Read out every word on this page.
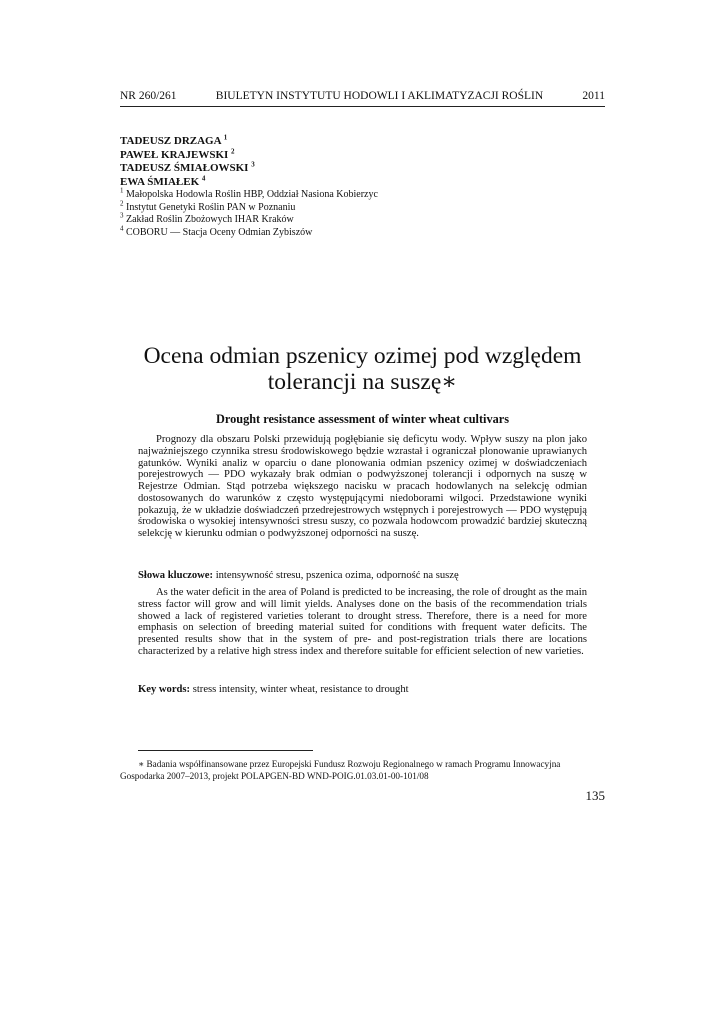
NR 260/261	BIULETYN INSTYTUTU HODOWLI I AKLIMATYZACJI ROŚLIN	2011
TADEUSZ DRZAGA $^1$
PAWEŁ KRAJEWSKI $^2$
TADEUSZ ŚMIAŁOWSKI $^3$
EWA ŚMIAŁEK $^4$
$^1$ Małopolska Hodowla Roślin HBP, Oddział Nasiona Kobierzyc
$^2$ Instytut Genetyki Roślin PAN w Poznaniu
$^3$ Zakład Roślin Zbożowych IHAR Kraków
$^4$ COBORU — Stacja Oceny Odmian Zybiszów
Ocena odmian pszenicy ozimej pod względem
tolerancji na suszę∗
Drought resistance assessment of winter wheat cultivars
Prognozy dla obszaru Polski przewidują pogłębianie się deficytu wody. Wpływ suszy na plon jako najważniejszego czynnika stresu środowiskowego będzie wzrastał i ograniczał plonowanie uprawianych gatunków. Wyniki analiz w oparciu o dane plonowania odmian pszenicy ozimej w doświadczeniach porejestrowych — PDO wykazały brak odmian o podwyższonej tolerancji i odpornych na suszę w Rejestrze Odmian. Stąd potrzeba większego nacisku w pracach hodowlanych na selekcję odmian dostosowanych do warunków z często występującymi niedoborami wilgoci. Przedstawione wyniki pokazują, że w układzie doświadczeń przedrejestrowych wstępnych i porejestrowych — PDO występują środowiska o wysokiej intensywności stresu suszy, co pozwala hodowcom prowadzić bardziej skuteczną selekcję w kierunku odmian o podwyższonej odporności na suszę.
Słowa kluczowe: intensywność stresu, pszenica ozima, odporność na suszę
As the water deficit in the area of Poland is predicted to be increasing, the role of drought as the main stress factor will grow and will limit yields. Analyses done on the basis of the recommendation trials showed a lack of registered varieties tolerant to drought stress. Therefore, there is a need for more emphasis on selection of breeding material suited for conditions with frequent water deficits. The presented results show that in the system of pre- and post-registration trials there are locations characterized by a relative high stress index and therefore suitable for efficient selection of new varieties.
Key words: stress intensity, winter wheat, resistance to drought
∗ Badania współfinansowane przez Europejski Fundusz Rozwoju Regionalnego w ramach Programu Innowacyjna Gospodarka 2007–2013, projekt POLAPGEN-BD WND-POIG.01.03.01-00-101/08
135
